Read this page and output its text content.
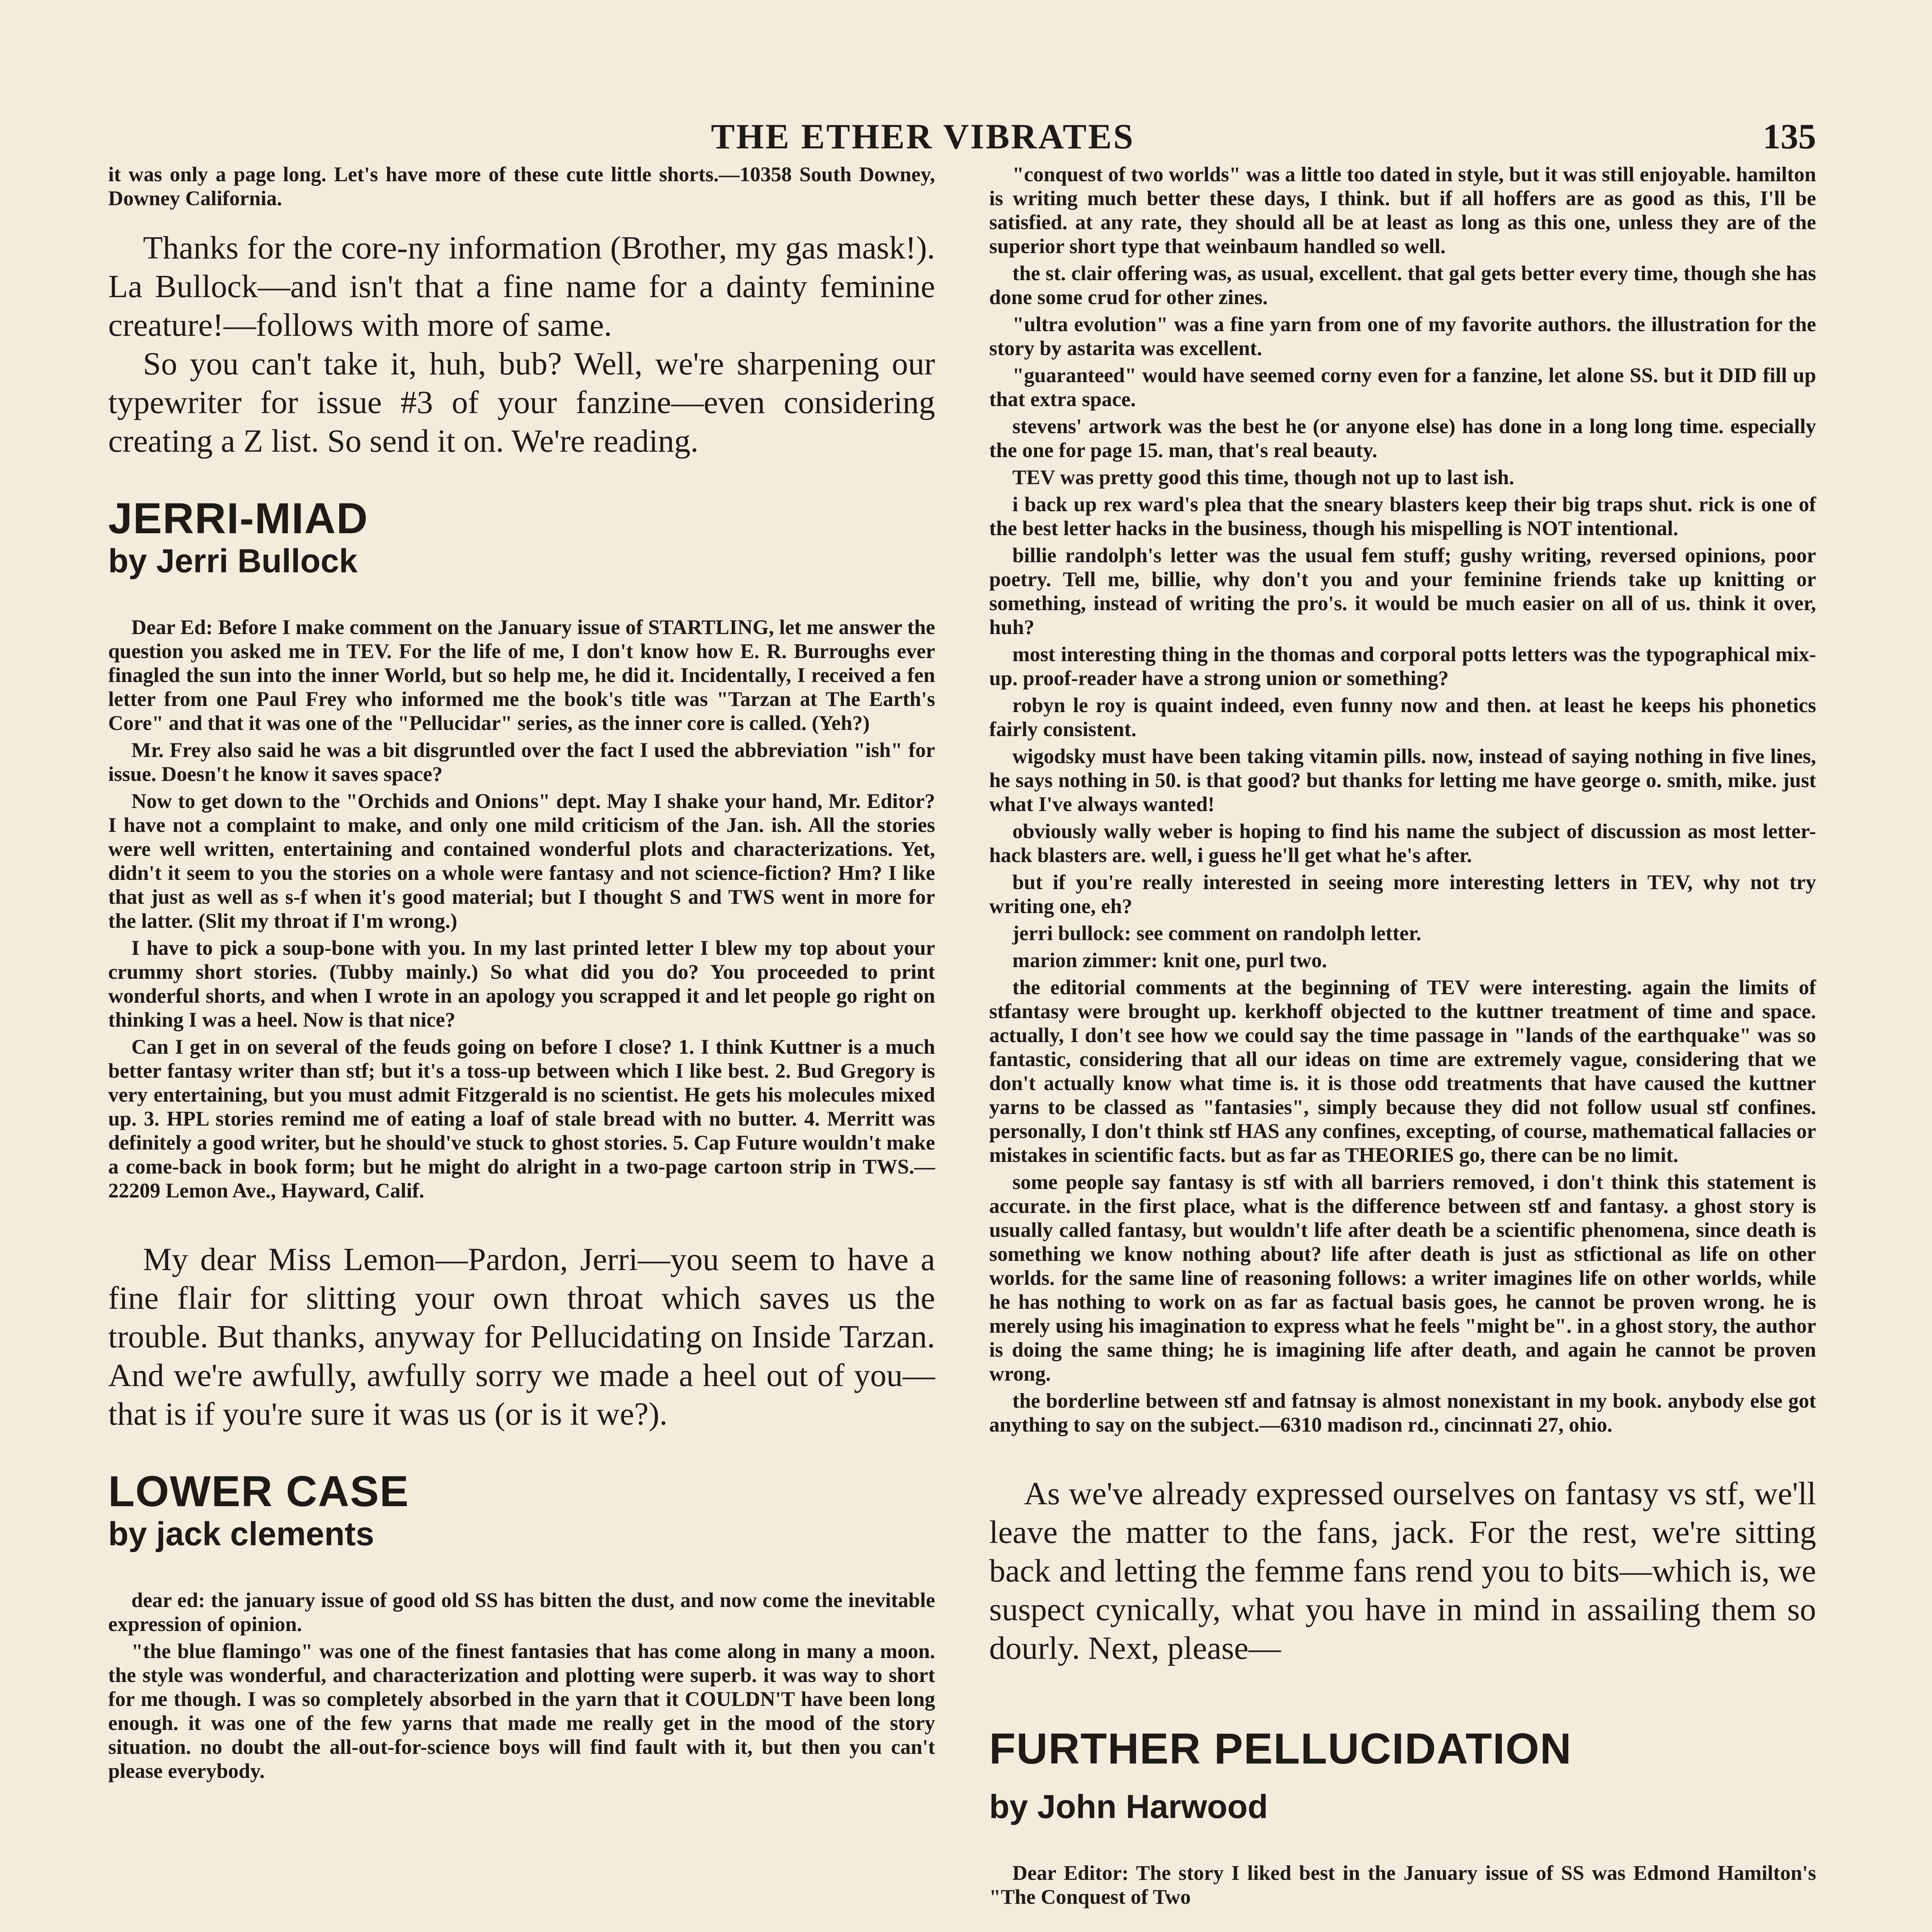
THE ETHER VIBRATES	135

it was only a page long. Let's have more of these cute little shorts.—10358 South Downey, Downey California.

Thanks for the core-ny information (Brother, my gas mask!). La Bullock—and isn't that a fine name for a dainty feminine creature!—follows with more of same.

So you can't take it, huh, bub? Well, we're sharpening our typewriter for issue #3 of your fanzine—even considering creating a Z list. So send it on. We're reading.

JERRI-MIAD
by Jerri Bullock

Dear Ed: Before I make comment on the January issue of STARTLING, let me answer the question you asked me in TEV. For the life of me, I don't know how E. R. Burroughs ever finagled the sun into the inner World, but so help me, he did it. Incidentally, I received a fen letter from one Paul Frey who informed me the book's title was "Tarzan at The Earth's Core" and that it was one of the "Pellucidar" series, as the inner core is called. (Yeh?)

Mr. Frey also said he was a bit disgruntled over the fact I used the abbreviation "ish" for issue. Doesn't he know it saves space?

Now to get down to the "Orchids and Onions" dept. May I shake your hand, Mr. Editor? I have not a complaint to make, and only one mild criticism of the Jan. ish. All the stories were well written, entertaining and contained wonderful plots and characterizations. Yet, didn't it seem to you the stories on a whole were fantasy and not science-fiction? Hm? I like that just as well as s-f when it's good material; but I thought S and TWS went in more for the latter. (Slit my throat if I'm wrong.)

I have to pick a soup-bone with you. In my last printed letter I blew my top about your crummy short stories. (Tubby mainly.) So what did you do? You proceeded to print wonderful shorts, and when I wrote in an apology you scrapped it and let people go right on thinking I was a heel. Now is that nice?

Can I get in on several of the feuds going on before I close? 1. I think Kuttner is a much better fantasy writer than stf; but it's a toss-up between which I like best. 2. Bud Gregory is very entertaining, but you must admit Fitzgerald is no scientist. He gets his molecules mixed up. 3. HPL stories remind me of eating a loaf of stale bread with no butter. 4. Merritt was definitely a good writer, but he should've stuck to ghost stories. 5. Cap Future wouldn't make a come-back in book form; but he might do alright in a two-page cartoon strip in TWS.—22209 Lemon Ave., Hayward, Calif.

My dear Miss Lemon—Pardon, Jerri—you seem to have a fine flair for slitting your own throat which saves us the trouble. But thanks, anyway for Pellucidating on Inside Tarzan. And we're awfully, awfully sorry we made a heel out of you—that is if you're sure it was us (or is it we?).

LOWER CASE
by jack clements

dear ed: the january issue of good old SS has bitten the dust, and now come the inevitable expression of opinion.

"the blue flamingo" was one of the finest fantasies that has come along in many a moon. the style was wonderful, and characterization and plotting were superb. it was way to short for me though. I was so completely absorbed in the yarn that it COULDN'T have been long enough. it was one of the few yarns that made me really get in the mood of the story situation. no doubt the all-out-for-science boys will find fault with it, but then you can't please everybody.

"conquest of two worlds" was a little too dated in style, but it was still enjoyable. hamilton is writing much better these days, I think. but if all hoffers are as good as this, I'll be satisfied. at any rate, they should all be at least as long as this one, unless they are of the superior short type that weinbaum handled so well.

the st. clair offering was, as usual, excellent. that gal gets better every time, though she has done some crud for other zines.

"ultra evolution" was a fine yarn from one of my favorite authors. the illustration for the story by astarita was excellent.

"guaranteed" would have seemed corny even for a fanzine, let alone SS. but it DID fill up that extra space.

stevens' artwork was the best he (or anyone else) has done in a long long time. especially the one for page 15. man, that's real beauty.

TEV was pretty good this time, though not up to last ish.

i back up rex ward's plea that the sneary blasters keep their big traps shut. rick is one of the best letter hacks in the business, though his mispelling is NOT intentional.

billie randolph's letter was the usual fem stuff; gushy writing, reversed opinions, poor poetry. Tell me, billie, why don't you and your feminine friends take up knitting or something, instead of writing the pro's. it would be much easier on all of us. think it over, huh?

most interesting thing in the thomas and corporal potts letters was the typographical mix-up. proof-reader have a strong union or something?

robyn le roy is quaint indeed, even funny now and then. at least he keeps his phonetics fairly consistent.

wigodsky must have been taking vitamin pills. now, instead of saying nothing in five lines, he says nothing in 50. is that good? but thanks for letting me have george o. smith, mike. just what I've always wanted!

obviously wally weber is hoping to find his name the subject of discussion as most letter-hack blasters are. well, i guess he'll get what he's after.

but if you're really interested in seeing more interesting letters in TEV, why not try writing one, eh?

jerri bullock: see comment on randolph letter.

marion zimmer: knit one, purl two.

the editorial comments at the beginning of TEV were interesting. again the limits of stfantasy were brought up. kerkhoff objected to the kuttner treatment of time and space. actually, I don't see how we could say the time passage in "lands of the earthquake" was so fantastic, considering that all our ideas on time are extremely vague, considering that we don't actually know what time is. it is those odd treatments that have caused the kuttner yarns to be classed as "fantasies", simply because they did not follow usual stf confines. personally, I don't think stf HAS any confines, excepting, of course, mathematical fallacies or mistakes in scientific facts. but as far as THEORIES go, there can be no limit.

some people say fantasy is stf with all barriers removed, i don't think this statement is accurate. in the first place, what is the difference between stf and fantasy. a ghost story is usually called fantasy, but wouldn't life after death be a scientific phenomena, since death is something we know nothing about? life after death is just as stfictional as life on other worlds. for the same line of reasoning follows: a writer imagines life on other worlds, while he has nothing to work on as far as factual basis goes, he cannot be proven wrong. he is merely using his imagination to express what he feels "might be". in a ghost story, the author is doing the same thing; he is imagining life after death, and again he cannot be proven wrong.

the borderline between stf and fatnsay is almost nonexistant in my book. anybody else got anything to say on the subject.—6310 madison rd., cincinnati 27, ohio.

As we've already expressed ourselves on fantasy vs stf, we'll leave the matter to the fans, jack. For the rest, we're sitting back and letting the femme fans rend you to bits—which is, we suspect cynically, what you have in mind in assailing them so dourly. Next, please—

FURTHER PELLUCIDATION
by John Harwood

Dear Editor: The story I liked best in the January issue of SS was Edmond Hamilton's "The Conquest of Two
